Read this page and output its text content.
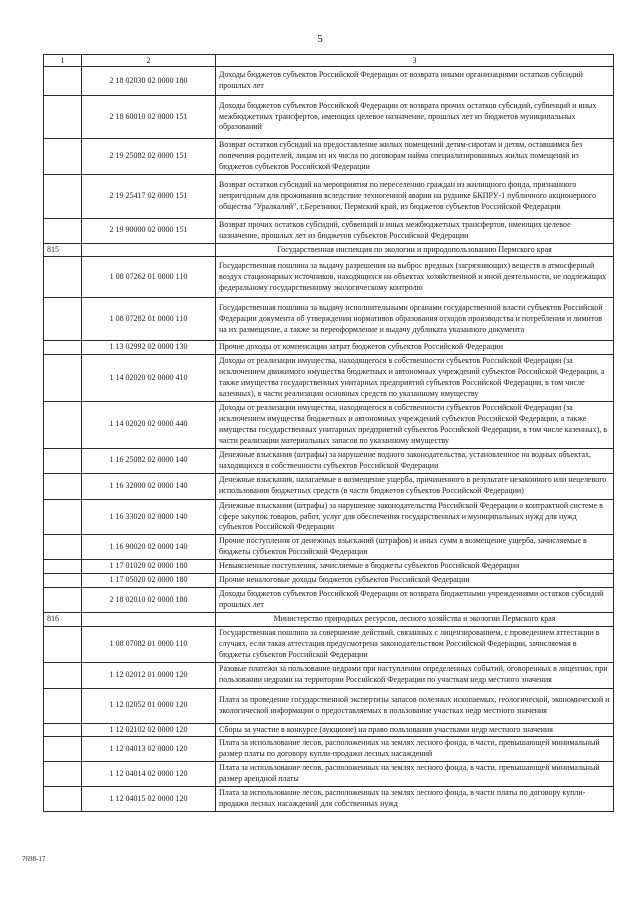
5
1	2	3
	2 18 02030 02 0000 180	Доходы бюджетов субъектов Российской Федерации от возврата иными организациями остатков субсидий прошлых лет
	2 18 60010 02 0000 151	Доходы бюджетов субъектов Российской Федерации от возврата прочих остатков субсидий, субвенций и иных межбюджетных трансфертов, имеющих целевое назначение, прошлых лет из бюджетов муниципальных образований
	2 19 25082 02 0000 151	Возврат остатков субсидий на предоставление жилых помещений детям-сиротам и детям, оставшимся без попечения родителей, лицам из их числа по договорам найма специализированных жилых помещений из бюджетов субъектов Российской Федерации
	2 19 25417 02 0000 151	Возврат остатков субсидий на мероприятия по переселению граждан из жилищного фонда, признанного непригодным для проживания вследствие техногенной аварии на руднике БКПРУ-1 публичного акционерного общества "Уралкалий", г.Березники, Пермский край, из бюджетов субъектов Российской Федерации
	2 19 90000 02 0000 151	Возврат прочих остатков субсидий, субвенций и иных межбюджетных трансфертов, имеющих целевое назначение, прошлых лет из бюджетов субъектов Российской Федерации
815		Государственная инспекция по экологии и природопользованию Пермского края
	1 08 07262 01 0000 110	Государственная пошлина за выдачу разрешения на выброс вредных (загрязняющих) веществ в атмосферный воздух стационарных источников, находящихся на объектах хозяйственной и иной деятельности, не подлежащих федеральному государственному экологическому контролю
	1 08 07282 01 0000 110	Государственная пошлина за выдачу исполнительными органами государственной власти субъектов Российской Федерации документа об утверждении нормативов образования отходов производства и потребления и лимитов на их размещение, а также за переоформление и выдачу дубликата указанного документа
	1 13 02992 02 0000 130	Прочие доходы от компенсации затрат бюджетов субъектов Российской Федерации
	1 14 02020 02 0000 410	Доходы от реализации имущества, находящегося в собственности субъектов Российской Федерации (за исключением движимого имущества бюджетных и автономных учреждений субъектов Российской Федерации, а также имущества государственных унитарных предприятий субъектов Российской Федерации, в том числе казенных), в части реализации основных средств по указанному имуществу
	1 14 02020 02 0000 440	Доходы от реализации имущества, находящегося в собственности субъектов Российской Федерации (за исключением имущества бюджетных и автономных учреждений субъектов Российской Федерации, а также имущества государственных унитарных предприятий субъектов Российской Федерации, в том числе казенных), в части реализации материальных запасов по указанному имуществу
	1 16 25082 02 0000 140	Денежные взыскания (штрафы) за нарушение водного законодательства, установленное на водных объектах, находящихся в собственности субъектов Российской Федерации
	1 16 32000 02 0000 140	Денежные взыскания, налагаемые в возмещение ущерба, причиненного в результате незаконного или нецелевого использования бюджетных средств (в части бюджетов субъектов Российской Федерации)
	1 16 33020 02 0000 140	Денежные взыскания (штрафы) за нарушение законодательства Российской Федерации о контрактной системе в сфере закупок товаров, работ, услуг для обеспечения государственных и муниципальных нужд для нужд субъектов Российской Федерации
	1 16 90020 02 0000 140	Прочие поступления от денежных взысканий (штрафов) и иных сумм в возмещение ущерба, зачисляемые в бюджеты субъектов Российской Федерации
	1 17 01020 02 0000 180	Невыясненные поступления, зачисляемые в бюджеты субъектов Российской Федерации
	1 17 05020 02 0000 180	Прочие неналоговые доходы бюджетов субъектов Российской Федерации
	2 18 02010 02 0000 180	Доходы бюджетов субъектов Российской Федерации от возврата бюджетными учреждениями остатков субсидий прошлых лет
816		Министерство природных ресурсов, лесного хозяйства и экологии Пермского края
	1 08 07082 01 0000 110	Государственная пошлина за совершение действий, связанных с лицензированием, с проведением аттестации в случаях, если такая аттестация предусмотрена законодательством Российской Федерации, зачисляемая в бюджеты субъектов Российской Федерации
	1 12 02012 01 0000 120	Разовые платежи за пользование недрами при наступлении определенных событий, оговоренных в лицензии, при пользовании недрами на территории Российской Федерации по участкам недр местного значения
	1 12 02052 01 0000 120	Плата за проведение государственной экспертизы запасов полезных ископаемых, геологической, экономической и экологической информации о предоставляемых в пользование участках недр местного значения
	1 12 02102 02 0000 120	Сборы за участие в конкурсе (аукционе) на право пользования участками недр местного значения
	1 12 04013 02 0000 120	Плата за использование лесов, расположенных на землях лесного фонда, в части, превышающей минимальный размер платы по договору купли-продажи лесных насаждений
	1 12 04014 02 0000 120	Плата за использование лесов, расположенных на землях лесного фонда, в части, превышающей минимальный размер арендной платы
	1 12 04015 02 0000 120	Плата за использование лесов, расположенных на землях лесного фонда, в части платы по договору купли-продажи лесных насаждений для собственных нужд
7698-17
